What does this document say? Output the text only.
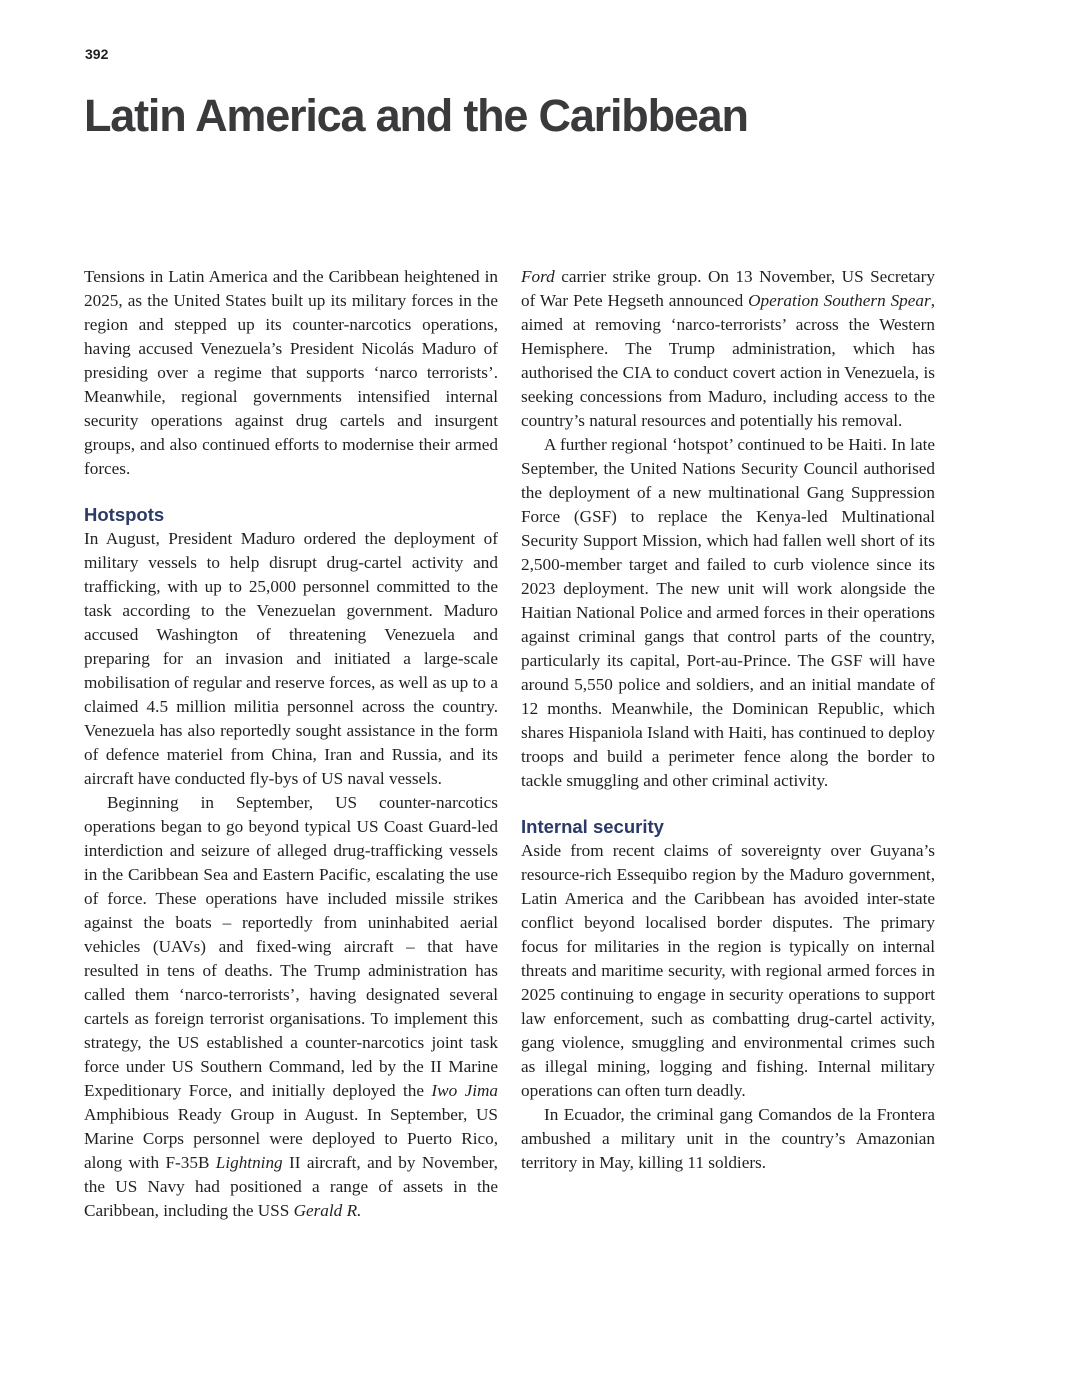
392
Latin America and the Caribbean

Tensions in Latin America and the Caribbean heightened in 2025, as the United States built up its military forces in the region and stepped up its counter-narcotics operations, having accused Venezuela’s President Nicolás Maduro of presiding over a regime that supports ‘narco terrorists’. Meanwhile, regional governments intensified internal security operations against drug cartels and insurgent groups, and also continued efforts to modernise their armed forces.

Hotspots

In August, President Maduro ordered the deployment of military vessels to help disrupt drug-cartel activity and trafficking, with up to 25,000 personnel committed to the task according to the Venezuelan government. Maduro accused Washington of threatening Venezuela and preparing for an invasion and initiated a large-scale mobilisation of regular and reserve forces, as well as up to a claimed 4.5 million militia personnel across the country. Venezuela has also reportedly sought assistance in the form of defence materiel from China, Iran and Russia, and its aircraft have conducted fly-bys of US naval vessels.

Beginning in September, US counter-narcotics operations began to go beyond typical US Coast Guard-led interdiction and seizure of alleged drug-trafficking vessels in the Caribbean Sea and Eastern Pacific, escalating the use of force. These operations have included missile strikes against the boats – reportedly from uninhabited aerial vehicles (UAVs) and fixed-wing aircraft – that have resulted in tens of deaths. The Trump administration has called them ‘narco-terrorists’, having designated several cartels as foreign terrorist organisations. To implement this strategy, the US established a counter-narcotics joint task force under US Southern Command, led by the II Marine Expeditionary Force, and initially deployed the Iwo Jima Amphibious Ready Group in August. In September, US Marine Corps personnel were deployed to Puerto Rico, along with F-35B Lightning II aircraft, and by November, the US Navy had positioned a range of assets in the Caribbean, including the USS Gerald R.

Ford carrier strike group. On 13 November, US Secretary of War Pete Hegseth announced Operation Southern Spear, aimed at removing ‘narco-terrorists’ across the Western Hemisphere. The Trump administration, which has authorised the CIA to conduct covert action in Venezuela, is seeking concessions from Maduro, including access to the country’s natural resources and potentially his removal.

A further regional ‘hotspot’ continued to be Haiti. In late September, the United Nations Security Council authorised the deployment of a new multinational Gang Suppression Force (GSF) to replace the Kenya-led Multinational Security Support Mission, which had fallen well short of its 2,500-member target and failed to curb violence since its 2023 deployment. The new unit will work alongside the Haitian National Police and armed forces in their operations against criminal gangs that control parts of the country, particularly its capital, Port-au-Prince. The GSF will have around 5,550 police and soldiers, and an initial mandate of 12 months. Meanwhile, the Dominican Republic, which shares Hispaniola Island with Haiti, has continued to deploy troops and build a perimeter fence along the border to tackle smuggling and other criminal activity.

Internal security

Aside from recent claims of sovereignty over Guyana’s resource-rich Essequibo region by the Maduro government, Latin America and the Caribbean has avoided inter-state conflict beyond localised border disputes. The primary focus for militaries in the region is typically on internal threats and maritime security, with regional armed forces in 2025 continuing to engage in security operations to support law enforcement, such as combatting drug-cartel activity, gang violence, smuggling and environmental crimes such as illegal mining, logging and fishing. Internal military operations can often turn deadly.

In Ecuador, the criminal gang Comandos de la Frontera ambushed a military unit in the country’s Amazonian territory in May, killing 11 soldiers.
